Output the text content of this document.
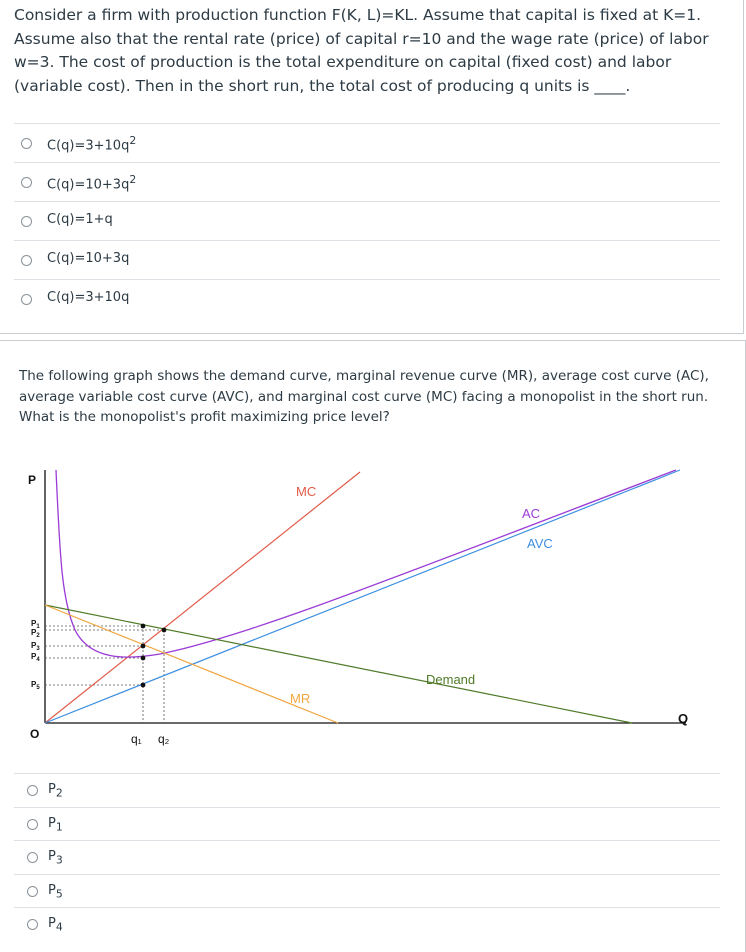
Consider a firm with production function F(K, L)=KL. Assume that capital is fixed at K=1. Assume also that the rental rate (price) of capital r=10 and the wage rate (price) of labor w=3. The cost of production is the total expenditure on capital (fixed cost) and labor (variable cost). Then in the short run, the total cost of producing q units is ____.
$C(q)=3+10q^2$
$C(q)=10+3q^2$
C(q)=1+q
C(q)=10+3q
C(q)=3+10q
The following graph shows the demand curve, marginal revenue curve (MR), average cost curve (AC), average variable cost curve (AVC), and marginal cost curve (MC) facing a monopolist in the short run. What is the monopolist's profit maximizing price level?
MC
AC
AVC
Demand
MR
P
Q
O
$P_1$
$P_2$
$P_3$
$P_4$
$P_5$
q₁ q₂
$P_2$
$P_1$
$P_3$
$P_5$
$P_4$
